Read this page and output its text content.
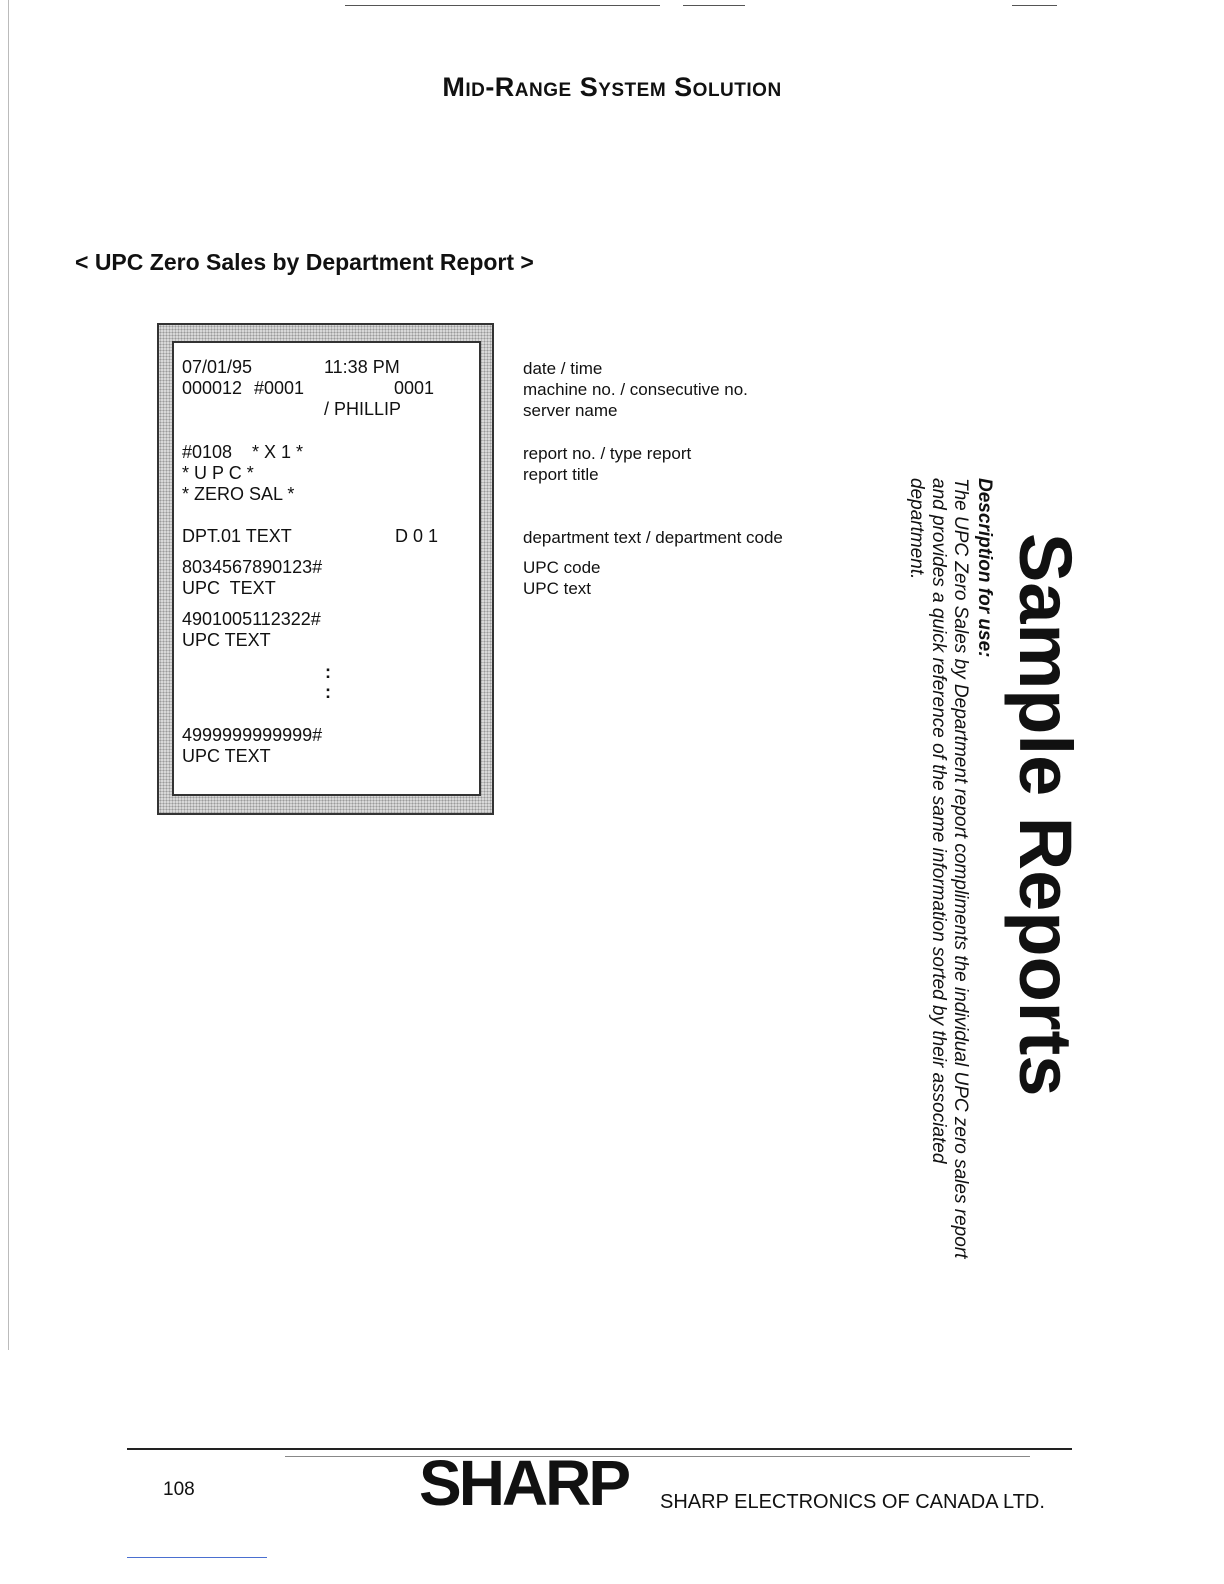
Mid-Range System Solution
< UPC Zero Sales by Department Report >
07/01/95	11:38 PM
000012 #0001	0001
/ PHILLIP
#0108 * X 1 *
* U P C *
* ZERO SAL *
DPT.01 TEXT	D 0 1
8034567890123#
UPC  TEXT
4901005112322#
UPC TEXT
:
:
4999999999999#
UPC TEXT
date / time
machine no. / consecutive no.
server name
report no. / type report
report title
department text / department code
UPC code
UPC text	Sample Reports
Description for use:
The UPC Zero Sales by Department report compliments the individual UPC zero sales report and provides a quick reference of the same information sorted by their associated department.
108	SHARP SHARP ELECTRONICS OF CANADA LTD.
